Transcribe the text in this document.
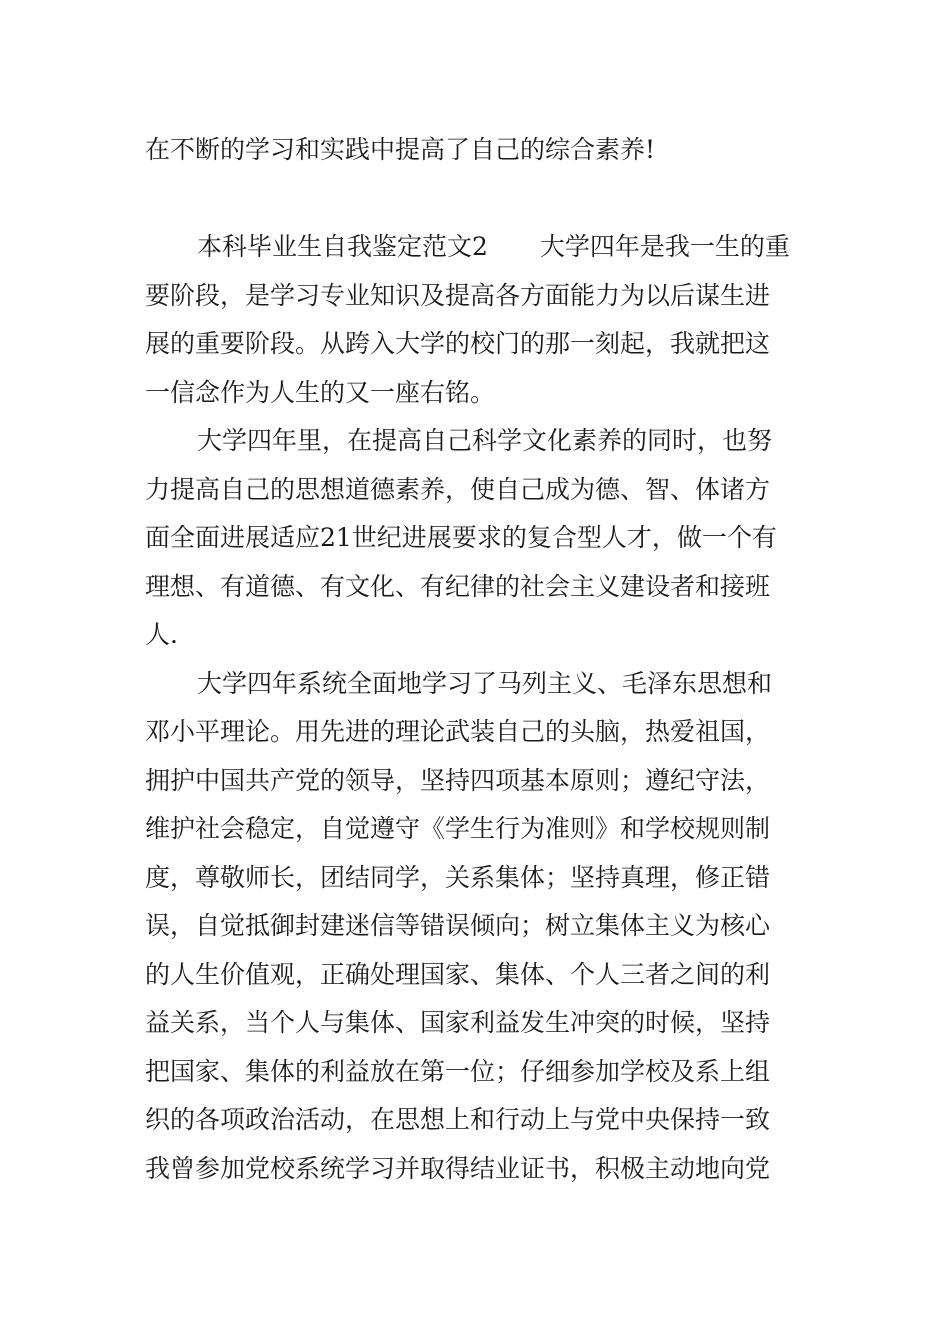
在不断的学习和实践中提高了自己的综合素养!
本科毕业生自我鉴定范文2 大学四年是我一生的重
要阶段，是学习专业知识及提高各方面能力为以后谋生进
展的重要阶段。从跨入大学的校门的那一刻起，我就把这
一信念作为人生的又一座右铭。
大学四年里，在提高自己科学文化素养的同时，也努
力提高自己的思想道德素养，使自己成为德、智、体诸方
面全面进展适应21世纪进展要求的复合型人才，做一个有
理想、有道德、有文化、有纪律的社会主义建设者和接班
人.
大学四年系统全面地学习了马列主义、毛泽东思想和
邓小平理论。用先进的理论武装自己的头脑，热爱祖国，
拥护中国共产党的领导，坚持四项基本原则；遵纪守法，
维护社会稳定，自觉遵守《学生行为准则》和学校规则制
度，尊敬师长，团结同学，关系集体；坚持真理，修正错
误，自觉抵御封建迷信等错误倾向；树立集体主义为核心
的人生价值观，正确处理国家、集体、个人三者之间的利
益关系，当个人与集体、国家利益发生冲突的时候，坚持
把国家、集体的利益放在第一位；仔细参加学校及系上组
织的各项政治活动，在思想上和行动上与党中央保持一致
我曾参加党校系统学习并取得结业证书，积极主动地向党
